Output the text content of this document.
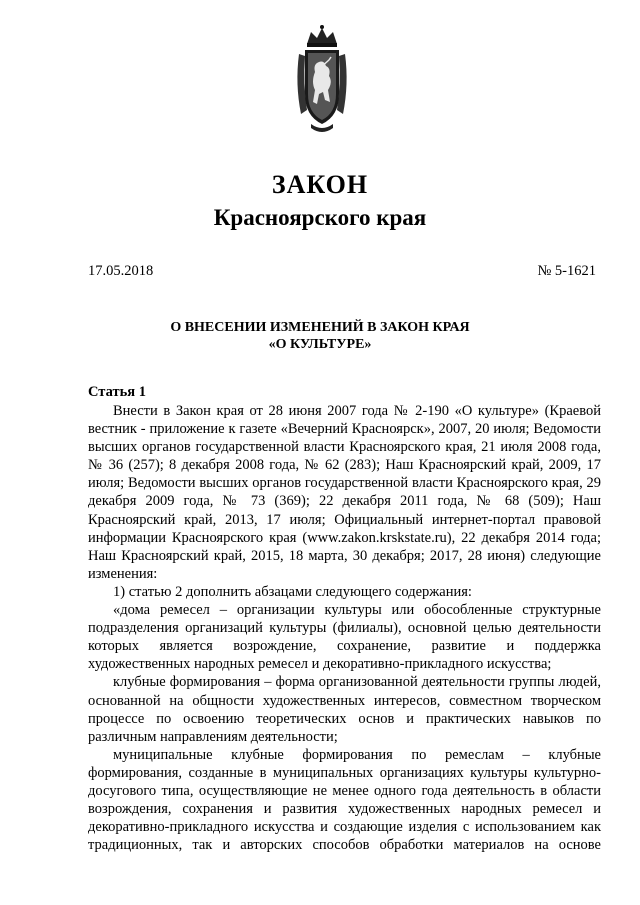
ЗАКОН
Красноярского края
17.05.2018	№ 5-1621
О ВНЕСЕНИИ ИЗМЕНЕНИЙ В ЗАКОН КРАЯ
«О КУЛЬТУРЕ»
Статья 1

Внести в Закон края от 28 июня 2007 года № 2-190 «О культуре» (Краевой вестник - приложение к газете «Вечерний Красноярск», 2007, 20 июля; Ведомости высших органов государственной власти Красноярского края, 21 июля 2008 года, № 36 (257); 8 декабря 2008 года, № 62 (283); Наш Красноярский край, 2009, 17 июля; Ведомости высших органов государственной власти Красноярского края, 29 декабря 2009 года, № 73 (369); 22 декабря 2011 года, № 68 (509); Наш Красноярский край, 2013, 17 июля; Официальный интернет-портал правовой информации Красноярского края (www.zakon.krskstate.ru), 22 декабря 2014 года; Наш Красноярский край, 2015, 18 марта, 30 декабря; 2017, 28 июня) следующие изменения:

1) статью 2 дополнить абзацами следующего содержания:

«дома ремесел – организации культуры или обособленные структурные подразделения организаций культуры (филиалы), основной целью деятельности которых является возрождение, сохранение, развитие и поддержка художественных народных ремесел и декоративно-прикладного искусства;

клубные формирования – форма организованной деятельности группы людей, основанной на общности художественных интересов, совместном творческом процессе по освоению теоретических основ и практических навыков по различным направлениям деятельности;

муниципальные клубные формирования по ремеслам – клубные формирования, созданные в муниципальных организациях культуры культурно-досугового типа, осуществляющие не менее одного года деятельность в области возрождения, сохранения и развития художественных народных ремесел и декоративно-прикладного искусства и создающие изделия с использованием как традиционных, так и авторских способов обработки материалов на основе
